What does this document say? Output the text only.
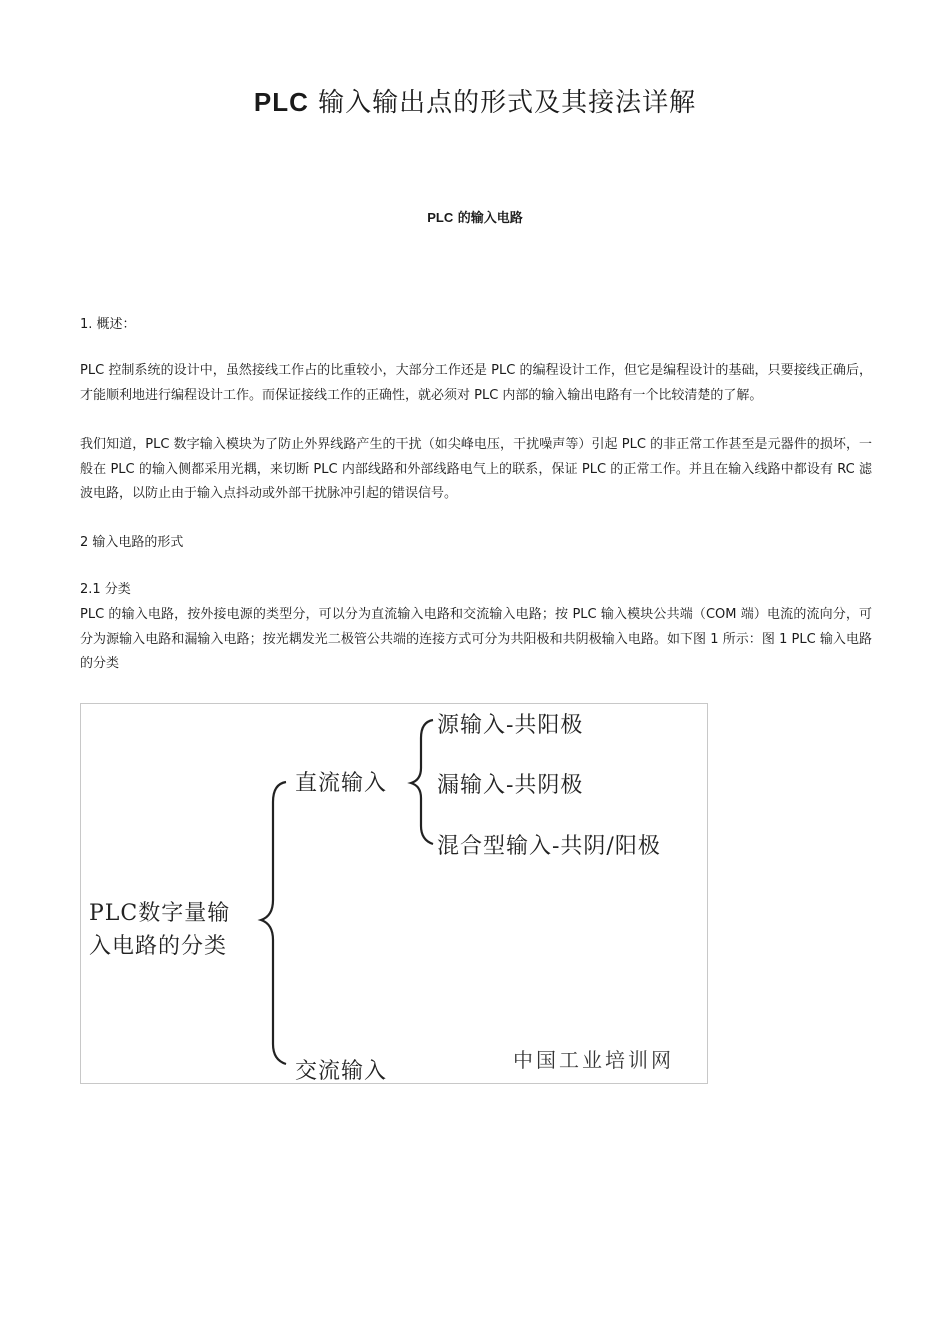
PLC 输入输出点的形式及其接法详解
PLC 的输入电路

1. 概述：

PLC 控制系统的设计中，虽然接线工作占的比重较小，大部分工作还是 PLC 的编程设计工作，但它是编程设计的基础，只要接线正确后，才能顺利地进行编程设计工作。而保证接线工作的正确性，就必须对 PLC 内部的输入输出电路有一个比较清楚的了解。

我们知道，PLC 数字输入模块为了防止外界线路产生的干扰（如尖峰电压，干扰噪声等）引起 PLC 的非正常工作甚至是元器件的损坏，一般在 PLC 的输入侧都采用光耦，来切断 PLC 内部线路和外部线路电气上的联系，保证 PLC 的正常工作。并且在输入线路中都设有 RC 滤波电路，以防止由于输入点抖动或外部干扰脉冲引起的错误信号。

2 输入电路的形式

2.1 分类

PLC 的输入电路，按外接电源的类型分，可以分为直流输入电路和交流输入电路；按 PLC 输入模块公共端（COM 端）电流的流向分，可分为源输入电路和漏输入电路；按光耦发光二极管公共端的连接方式可分为共阳极和共阴极输入电路。如下图 1 所示：图 1 PLC 输入电路的分类

PLC数字量输
入电路的分类
直流输入
交流输入
源输入-共阳极
漏输入-共阴极
混合型输入-共阴/阳极
中国工业培训网
